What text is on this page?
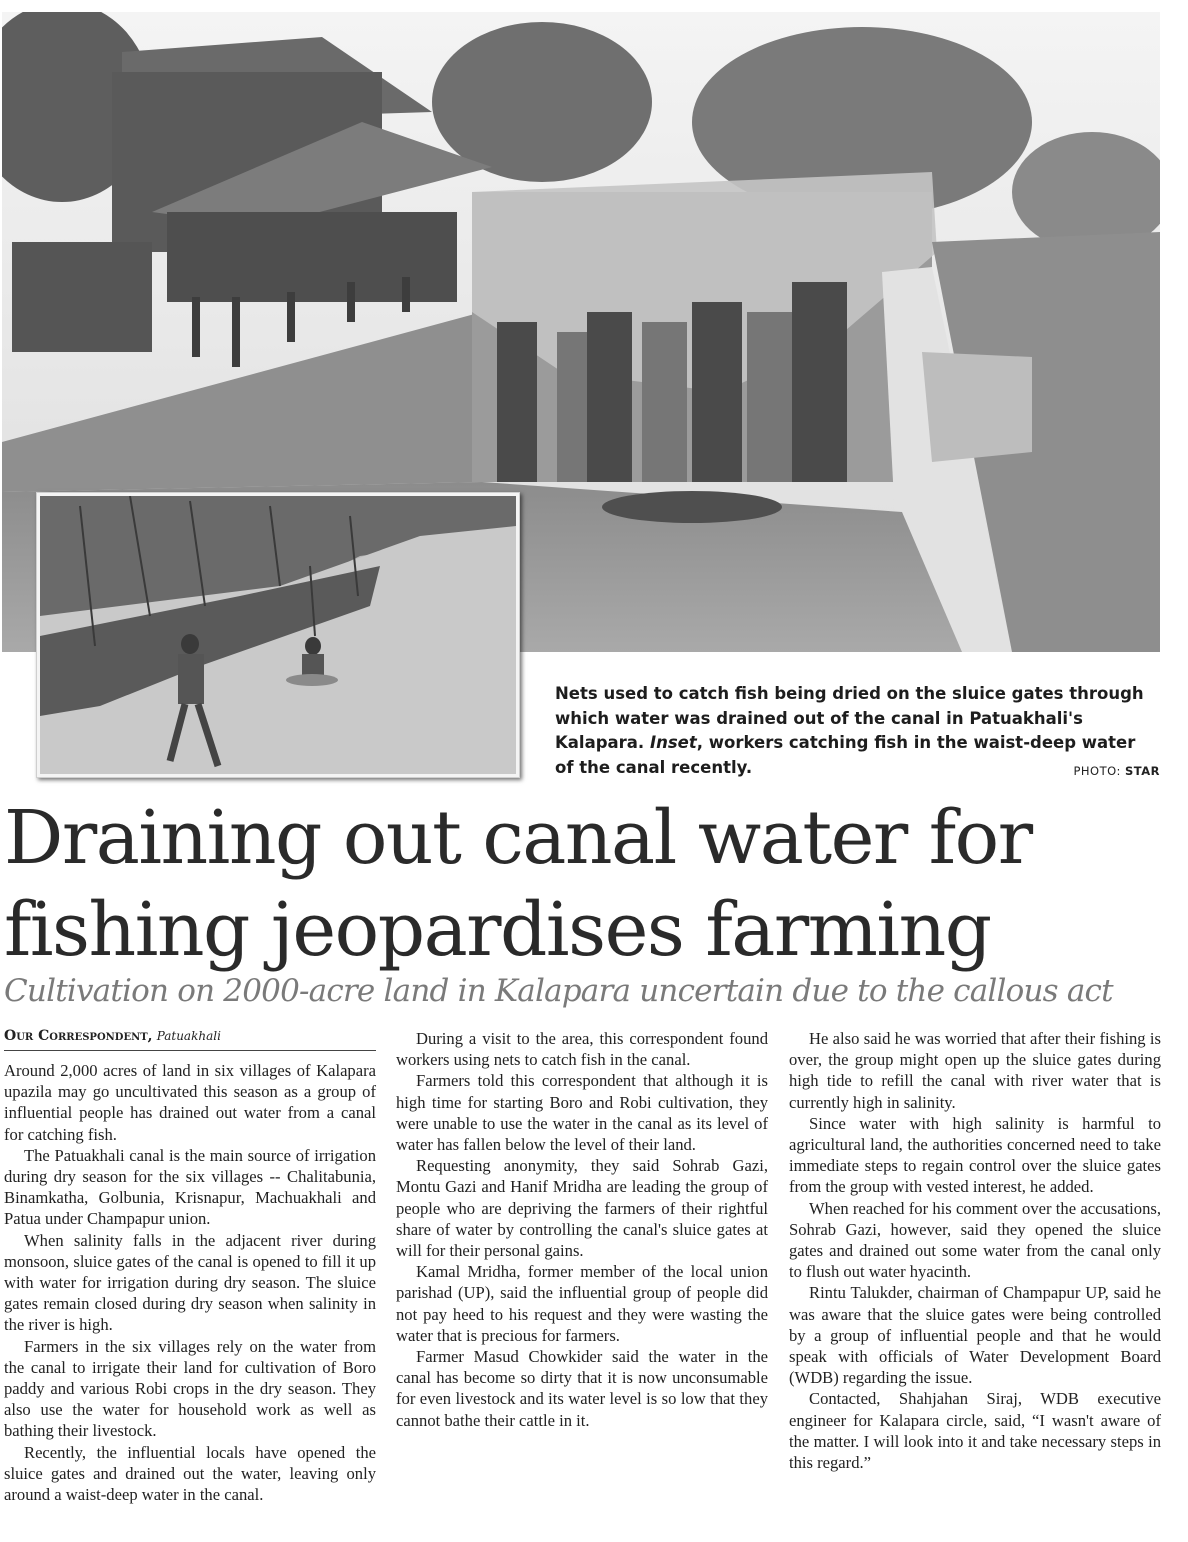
Nets used to catch fish being dried on the sluice gates through which water was drained out of the canal in Patuakhali's Kalapara. Inset, workers catching fish in the waist-deep water of the canal recently.	PHOTO: STAR
Draining out canal water for
fishing jeopardises farming
Cultivation on 2000-acre land in Kalapara uncertain due to the callous act
Our Correspondent, Patuakhali

Around 2,000 acres of land in six villages of Kalapara upazila may go uncultivated this season as a group of influential people has drained out water from a canal for catching fish.

The Patuakhali canal is the main source of irrigation during dry season for the six villages -- Chalitabunia, Binamkatha, Golbunia, Krisnapur, Machuakhali and Patua under Champapur union.

When salinity falls in the adjacent river during monsoon, sluice gates of the canal is opened to fill it up with water for irrigation during dry season. The sluice gates remain closed during dry season when salinity in the river is high.

Farmers in the six villages rely on the water from the canal to irrigate their land for cultivation of Boro paddy and various Robi crops in the dry season. They also use the water for household work as well as bathing their livestock.

Recently, the influential locals have opened the sluice gates and drained out the water, leaving only around a waist-deep water in the canal.

During a visit to the area, this correspondent found workers using nets to catch fish in the canal.

Farmers told this correspondent that although it is high time for starting Boro and Robi cultivation, they were unable to use the water in the canal as its level of water has fallen below the level of their land.

Requesting anonymity, they said Sohrab Gazi, Montu Gazi and Hanif Mridha are leading the group of people who are depriving the farmers of their rightful share of water by controlling the canal's sluice gates at will for their personal gains.

Kamal Mridha, former member of the local union parishad (UP), said the influential group of people did not pay heed to his request and they were wasting the water that is precious for farmers.

Farmer Masud Chowkider said the water in the canal has become so dirty that it is now unconsumable for even livestock and its water level is so low that they cannot bathe their cattle in it.

He also said he was worried that after their fishing is over, the group might open up the sluice gates during high tide to refill the canal with river water that is currently high in salinity.

Since water with high salinity is harmful to agricultural land, the authorities concerned need to take immediate steps to regain control over the sluice gates from the group with vested interest, he added.

When reached for his comment over the accusations, Sohrab Gazi, however, said they opened the sluice gates and drained out some water from the canal only to flush out water hyacinth.

Rintu Talukder, chairman of Champapur UP, said he was aware that the sluice gates were being controlled by a group of influential people and that he would speak with officials of Water Development Board (WDB) regarding the issue.

Contacted, Shahjahan Siraj, WDB executive engineer for Kalapara circle, said, “I wasn't aware of the matter. I will look into it and take necessary steps in this regard.”
